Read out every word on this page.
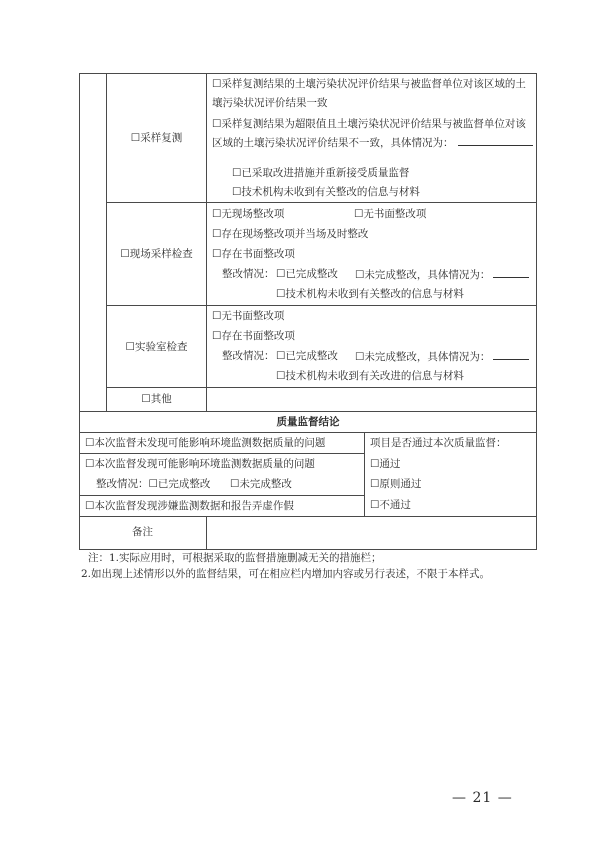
☐采样复测
☐采样复测结果的土壤污染状况评价结果与被监督单位对该区域的土
壤污染状况评价结果一致
☐采样复测结果为超限值且土壤污染状况评价结果与被监督单位对该
区域的土壤污染状况评价结果不一致，具体情况为：
☐已采取改进措施并重新接受质量监督
☐技术机构未收到有关整改的信息与材料
☐现场采样检查
☐无现场整改项	☐无书面整改项
☐存在现场整改项并当场及时整改
☐存在书面整改项
整改情况： ☐已完成整改 ☐未完成整改，具体情况为：
☐技术机构未收到有关整改的信息与材料
☐实验室检查
☐无书面整改项
☐存在书面整改项
整改情况： ☐已完成整改 ☐未完成整改，具体情况为：
☐技术机构未收到有关改进的信息与材料
☐其他
质量监督结论
☐本次监督未发现可能影响环境监测数据质量的问题
☐本次监督发现可能影响环境监测数据质量的问题
整改情况：☐已完成整改 ☐未完成整改
☐本次监督发现涉嫌监测数据和报告弄虚作假
项目是否通过本次质量监督：
☐通过
☐原则通过
☐不通过
备注
注：1.实际应用时，可根据采取的监督措施删减无关的措施栏；
2.如出现上述情形以外的监督结果，可在相应栏内增加内容或另行表述，不限于本样式。
— 21 —
